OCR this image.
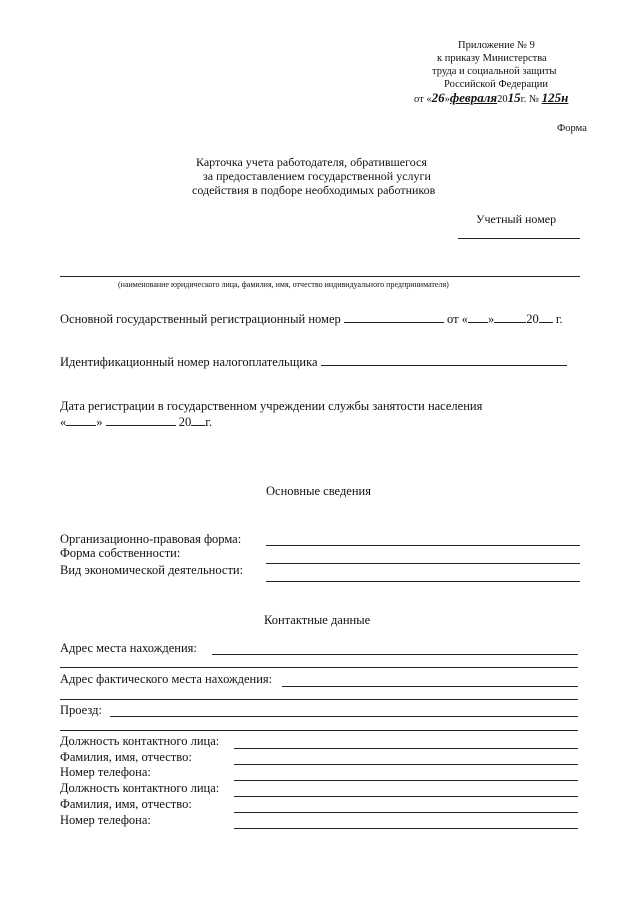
Приложение № 9
к приказу Министерства
труда и социальной защиты
Российской Федерации
от «26»февраля2015г. № 125н
Форма
Карточка учета работодателя, обратившегося
за предоставлением государственной услуги
содействия в подборе необходимых работников
Учетный номер
(наименование юридического лица, фамилия, имя, отчество индивидуального предпринимателя)
Основной государственный регистрационный номер	от « »	20 г.
Идентификационный номер налогоплательщика
Дата регистрации в государственном учреждении службы занятости населения
« »	20 г.
Основные сведения
Организационно-правовая форма:
Форма собственности:
Вид экономической деятельности:
Контактные данные
Адрес места нахождения:
Адрес фактического места нахождения:
Проезд:
Должность контактного лица:
Фамилия, имя, отчество:
Номер телефона:
Должность контактного лица:
Фамилия, имя, отчество:
Номер телефона:
